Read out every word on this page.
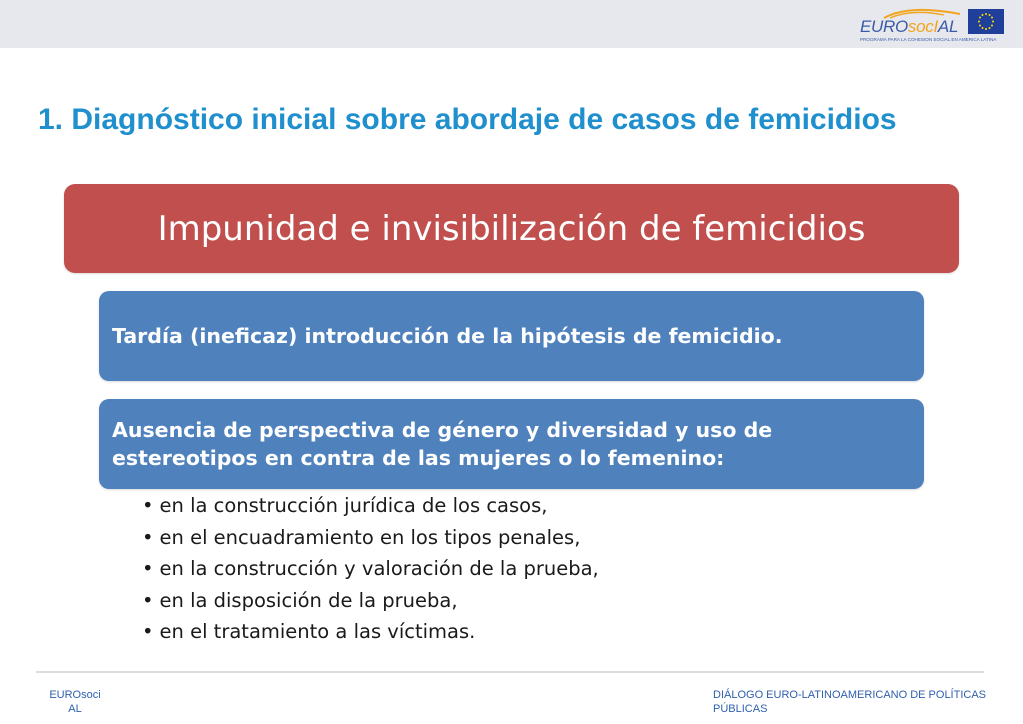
EUROsocIAL
PROGRAMA PARA LA COHESION SOCIAL EN AMERICA LATINA
1. Diagnóstico inicial sobre abordaje de casos de femicidios
Impunidad e invisibilización de femicidios
Tardía (ineficaz) introducción de la hipótesis de femicidio.
Ausencia de perspectiva de género y diversidad y uso de estereotipos en contra de las mujeres o lo femenino:
• en la construcción jurídica de los casos,
• en el encuadramiento en los tipos penales,
• en la construcción y valoración de la prueba,
• en la disposición de la prueba,
• en el tratamiento a las víctimas.
EURОsoci AL
DIÁLOGO EURO-LATINOAMERICANO DE POLÍTICAS PÚBLICAS
